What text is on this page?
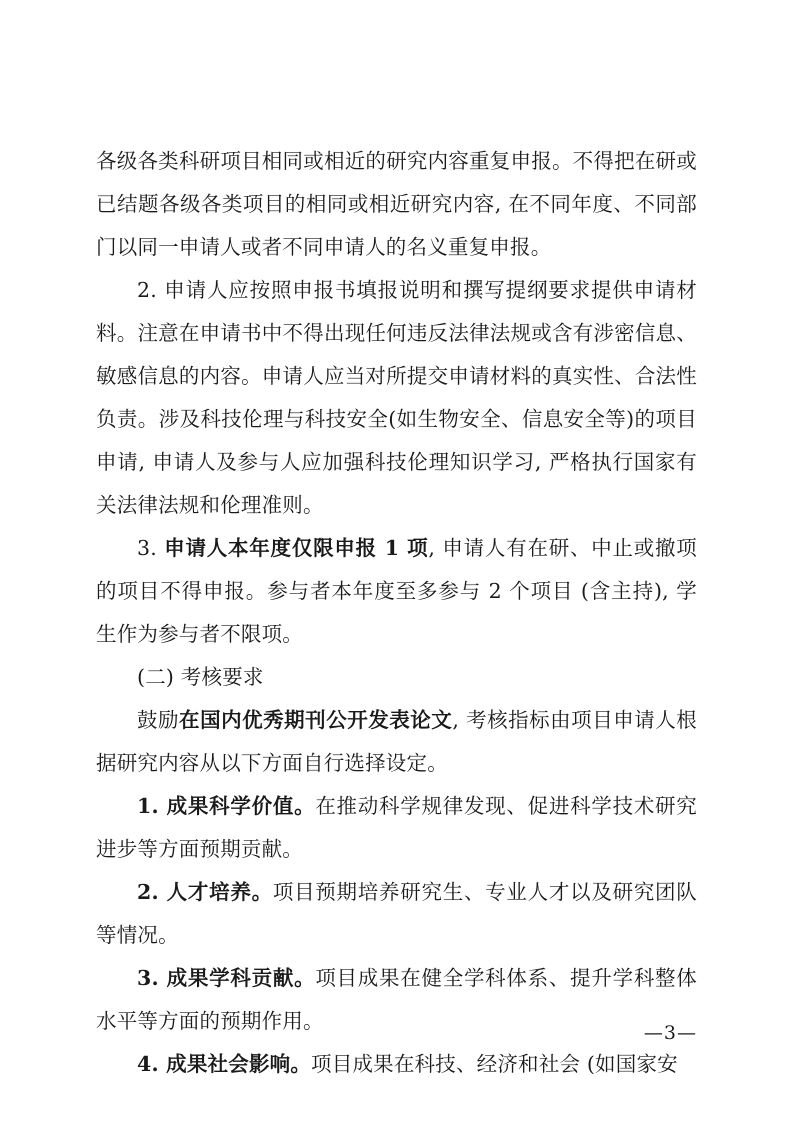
各级各类科研项目相同或相近的研究内容重复申报。不得把在研或已结题各级各类项目的相同或相近研究内容, 在不同年度、不同部门以同一申请人或者不同申请人的名义重复申报。

2. 申请人应按照申报书填报说明和撰写提纲要求提供申请材料。注意在申请书中不得出现任何违反法律法规或含有涉密信息、敏感信息的内容。申请人应当对所提交申请材料的真实性、合法性负责。涉及科技伦理与科技安全(如生物安全、信息安全等)的项目申请, 申请人及参与人应加强科技伦理知识学习, 严格执行国家有关法律法规和伦理准则。

3. 申请人本年度仅限申报 1 项, 申请人有在研、中止或撤项的项目不得申报。参与者本年度至多参与 2 个项目 (含主持), 学生作为参与者不限项。

(二) 考核要求

鼓励在国内优秀期刊公开发表论文, 考核指标由项目申请人根据研究内容从以下方面自行选择设定。

1. 成果科学价值。在推动科学规律发现、促进科学技术研究进步等方面预期贡献。

2. 人才培养。项目预期培养研究生、专业人才以及研究团队等情况。

3. 成果学科贡献。项目成果在健全学科体系、提升学科整体水平等方面的预期作用。

4. 成果社会影响。项目成果在科技、经济和社会 (如国家安

—3—
